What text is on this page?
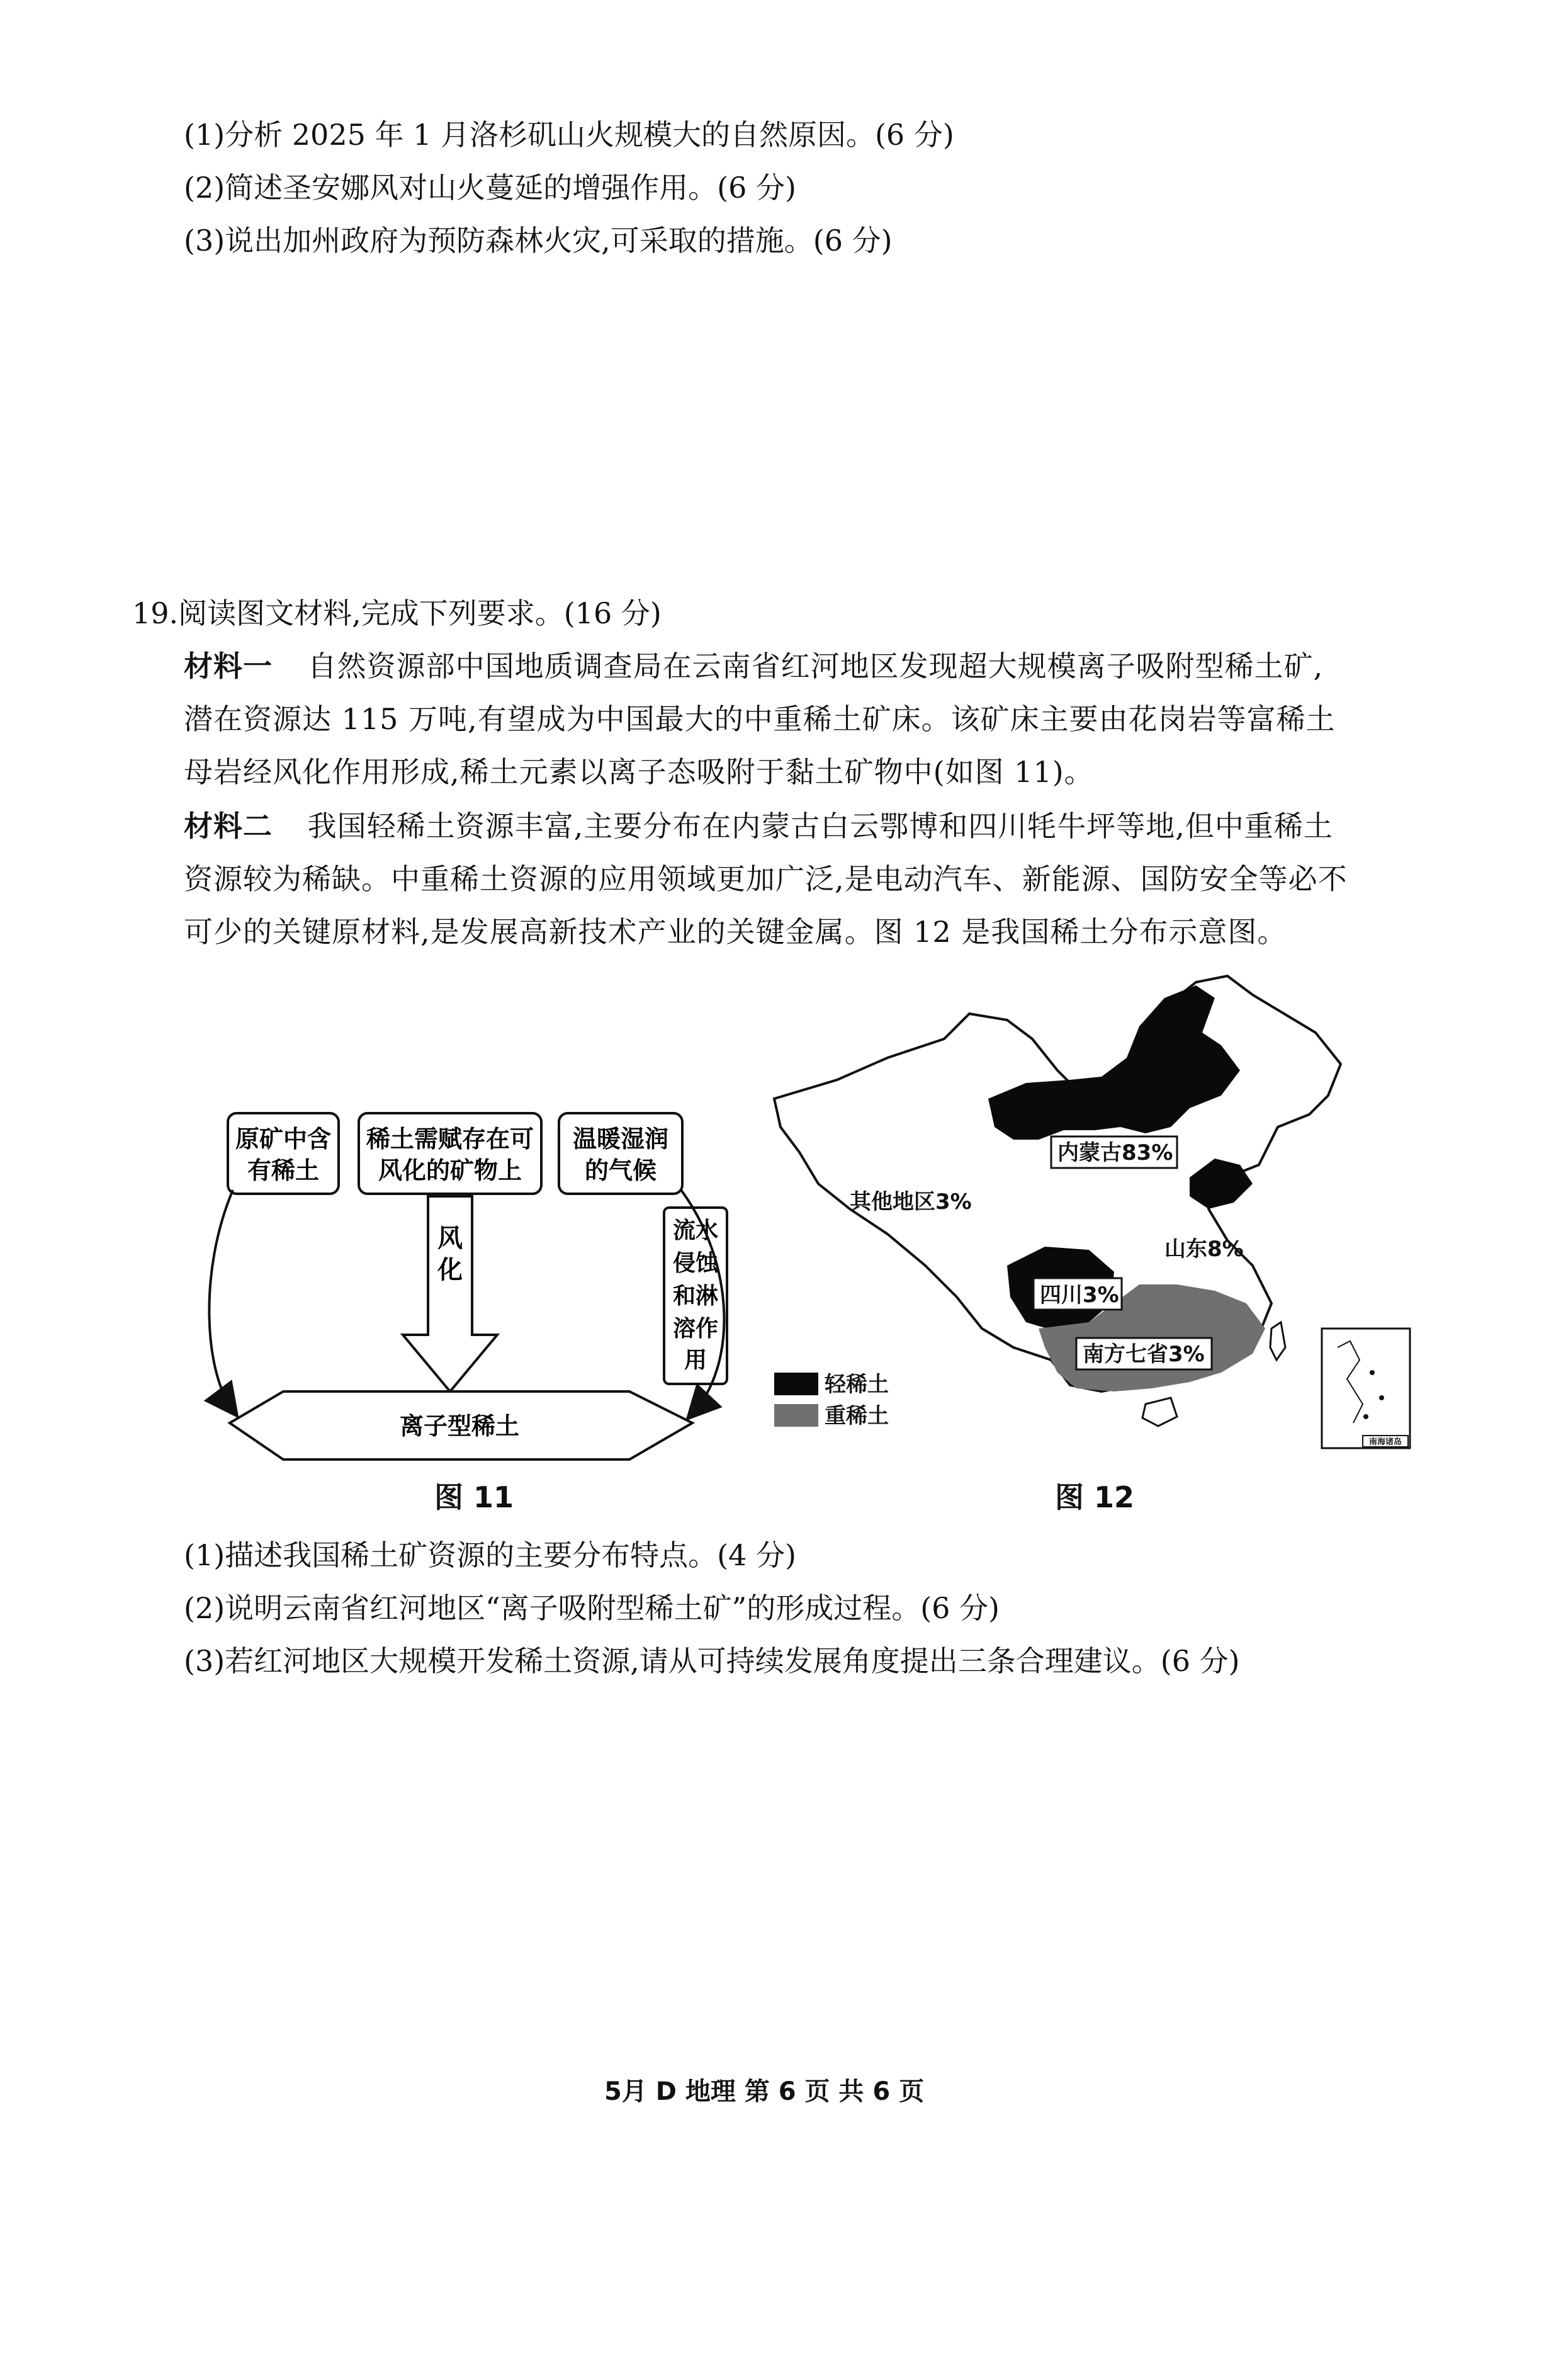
(1)分析 2025 年 1 月洛杉矶山火规模大的自然原因。(6 分)
(2)简述圣安娜风对山火蔓延的增强作用。(6 分)
(3)说出加州政府为预防森林火灾,可采取的措施。(6 分)
19.阅读图文材料,完成下列要求。(16 分)
材料一 自然资源部中国地质调查局在云南省红河地区发现超大规模离子吸附型稀土矿,
潜在资源达 115 万吨,有望成为中国最大的中重稀土矿床。该矿床主要由花岗岩等富稀土
母岩经风化作用形成,稀土元素以离子态吸附于黏土矿物中(如图 11)。
材料二 我国轻稀土资源丰富,主要分布在内蒙古白云鄂博和四川牦牛坪等地,但中重稀土
资源较为稀缺。中重稀土资源的应用领域更加广泛,是电动汽车、新能源、国防安全等必不
可少的关键原材料,是发展高新技术产业的关键金属。图 12 是我国稀土分布示意图。
原矿中含
有稀土
稀土需赋存在可
风化的矿物上
温暖湿润
的气候
风
化
流水
侵蚀
和淋
溶作
用
离子型稀土
图 11
其他地区3%
内蒙古83%
山东8%
四川3%
南方七省3%
轻稀土
重稀土
南海诸岛
图 12
(1)描述我国稀土矿资源的主要分布特点。(4 分)
(2)说明云南省红河地区“离子吸附型稀土矿”的形成过程。(6 分)
(3)若红河地区大规模开发稀土资源,请从可持续发展角度提出三条合理建议。(6 分)
5月 D 地理 第 6 页 共 6 页
